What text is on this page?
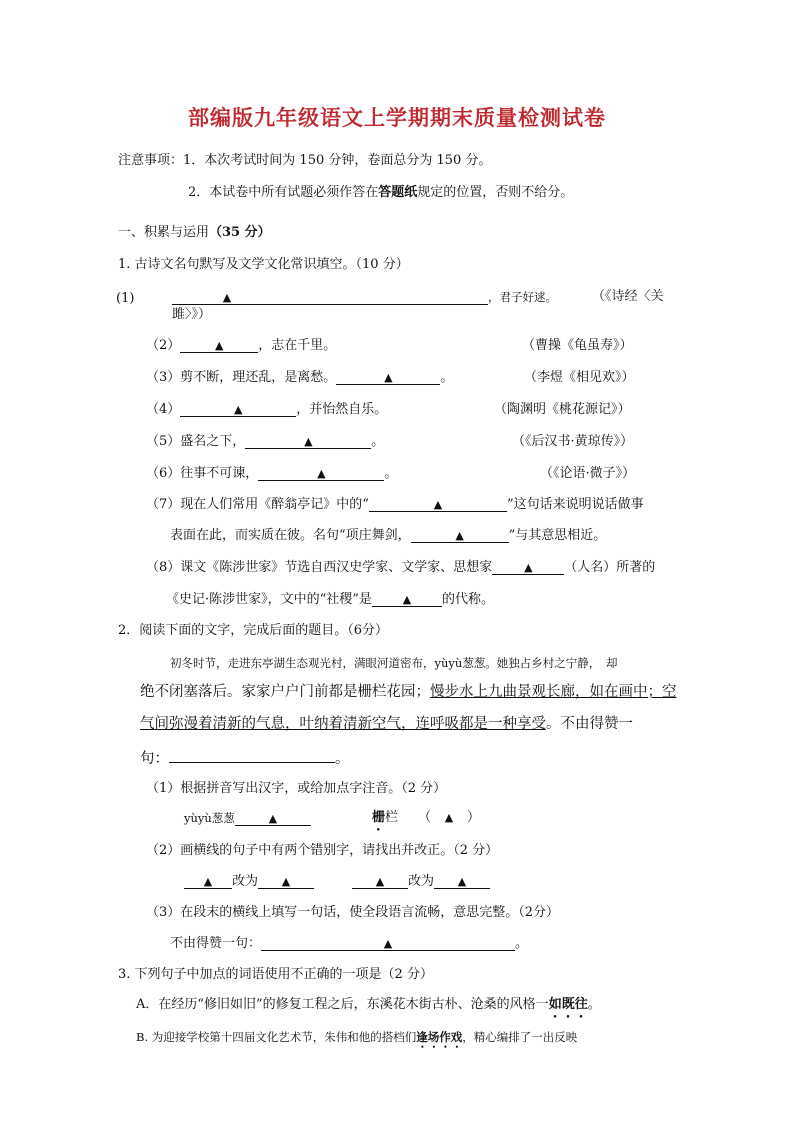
部编版九年级语文上学期期末质量检测试卷
注意事项：1．本次考试时间为 150 分钟，卷面总分为 150 分。
2．本试卷中所有试题必须作答在答题纸规定的位置，否则不给分。
一、积累与运用（35 分）
1. 古诗文名句默写及文学文化常识填空。（10 分）
(1)	▲	，君子好逑。	（《诗经〈关
雎〉》）
（2）	▲	，志在千里。	（曹操《龟虽寿》）
（3）剪不断，理还乱，是离愁。	▲	。	（李煜《相见欢》）
（4）	▲	，并怡然自乐。	（陶渊明《桃花源记》）
（5）盛名之下，	▲	。	（《后汉书·黄琼传》）
（6）往事不可谏，	▲	。	（《论语·微子》）
（7）现在人们常用《醉翁亭记》中的“	▲	”这句话来说明说话做事
表面在此，而实质在彼。名句“项庄舞剑，	▲	”与其意思相近。
（8）课文《陈涉世家》节选自西汉史学家、文学家、思想家	▲ （人名）所著的
《史记·陈涉世家》，文中的“社稷”是	▲ 的代称。
2．阅读下面的文字，完成后面的题目。（6分）
初冬时节，走进东亭湖生态观光村，满眼河道密布，yùyù葱葱。她独占乡村之宁静，　却
绝不闭塞落后。家家户户门前都是栅栏花园；慢步水上九曲景观长廊，如在画中；空
气间弥漫着清新的气息，叶纳着清新空气，连呼吸都是一种享受。不由得赞一
句：	。
（1）根据拼音写出汉字，或给加点字注音。（2 分）
yùyù葱葱	▲	栅栏 （ ▲ ）
（2）画横线的句子中有两个错别字，请找出并改正。（2 分）
▲ 改为 ▲	▲ 改为 ▲
（3）在段末的横线上填写一句话，使全段语言流畅，意思完整。（2分）
不由得赞一句：	▲	。
3. 下列句子中加点的词语使用不正确的一项是（2 分）
A．在经历“修旧如旧”的修复工程之后，东溪花木街古朴、沧桑的风格一如既往。
B. 为迎接学校第十四届文化艺术节，朱伟和他的搭档们逢场作戏，精心编排了一出反映
